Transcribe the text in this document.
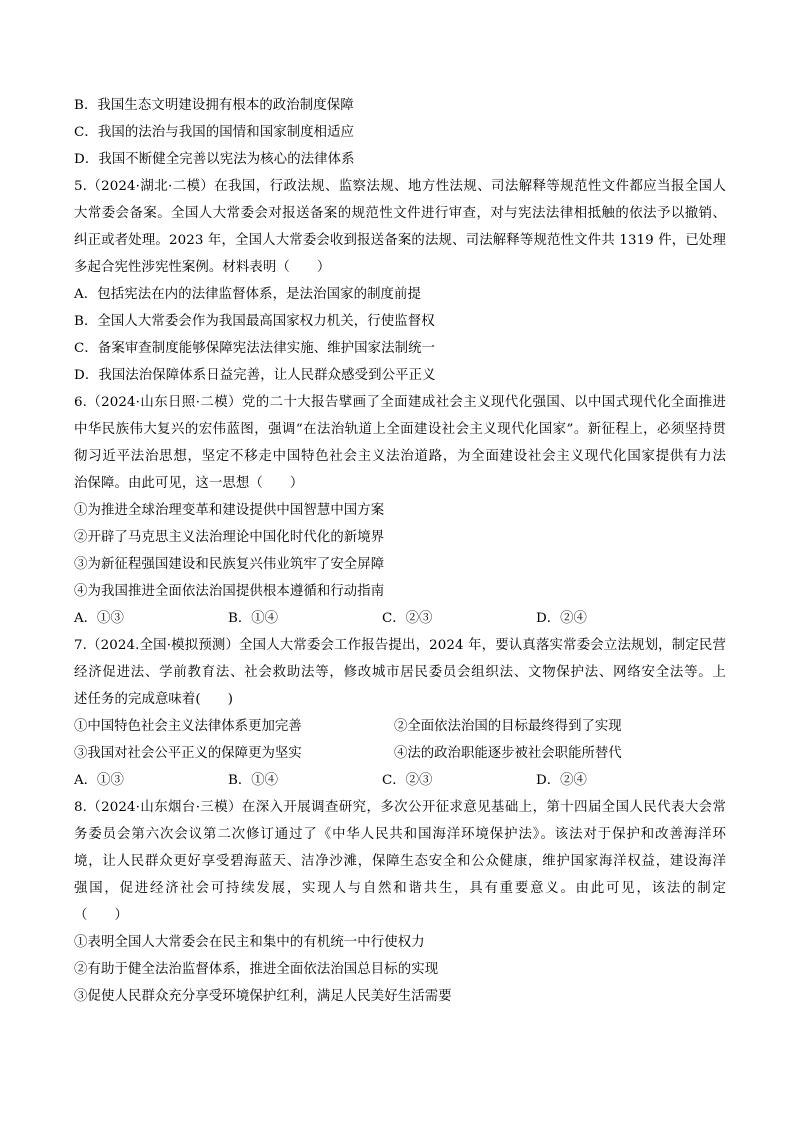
B．我国生态文明建设拥有根本的政治制度保障
C．我国的法治与我国的国情和国家制度相适应
D．我国不断健全完善以宪法为核心的法律体系
5.（2024·湖北·二模）在我国，行政法规、监察法规、地方性法规、司法解释等规范性文件都应当报全国人
大常委会备案。全国人大常委会对报送备案的规范性文件进行审查，对与宪法法律相抵触的依法予以撤销、
纠正或者处理。2023 年，全国人大常委会收到报送备案的法规、司法解释等规范性文件共 1319 件，已处理
多起合宪性涉宪性案例。材料表明（　　）
A．包括宪法在内的法律监督体系，是法治国家的制度前提
B．全国人大常委会作为我国最高国家权力机关，行使监督权
C．备案审查制度能够保障宪法法律实施、维护国家法制统一
D．我国法治保障体系日益完善，让人民群众感受到公平正义
6.（2024·山东日照·二模）党的二十大报告擘画了全面建成社会主义现代化强国、以中国式现代化全面推进
中华民族伟大复兴的宏伟蓝图，强调“在法治轨道上全面建设社会主义现代化国家”。新征程上，必须坚持贯
彻习近平法治思想，坚定不移走中国特色社会主义法治道路，为全面建设社会主义现代化国家提供有力法
治保障。由此可见，这一思想（　　）
①为推进全球治理变革和建设提供中国智慧中国方案
②开辟了马克思主义法治理论中国化时代化的新境界
③为新征程强国建设和民族复兴伟业筑牢了安全屏障
④为我国推进全面依法治国提供根本遵循和行动指南
A．①③	B．①④	C．②③	D．②④
7.（2024.全国·模拟预测）全国人大常委会工作报告提出，2024 年，要认真落实常委会立法规划，制定民营
经济促进法、学前教育法、社会救助法等，修改城市居民委员会组织法、文物保护法、网络安全法等。上
述任务的完成意味着(　　)
①中国特色社会主义法律体系更加完善	②全面依法治国的目标最终得到了实现
③我国对社会公平正义的保障更为坚实	④法的政治职能逐步被社会职能所替代
A．①③	B．①④	C．②③	D．②④
8.（2024·山东烟台·三模）在深入开展调查研究，多次公开征求意见基础上，第十四届全国人民代表大会常
务委员会第六次会议第二次修订通过了《中华人民共和国海洋环境保护法》。该法对于保护和改善海洋环
境，让人民群众更好享受碧海蓝天、洁净沙滩，保障生态安全和公众健康，维护国家海洋权益，建设海洋
强国，促进经济社会可持续发展，实现人与自然和谐共生，具有重要意义。由此可见，该法的制定
（　　）
①表明全国人大常委会在民主和集中的有机统一中行使权力
②有助于健全法治监督体系，推进全面依法治国总目标的实现
③促使人民群众充分享受环境保护红利，满足人民美好生活需要
